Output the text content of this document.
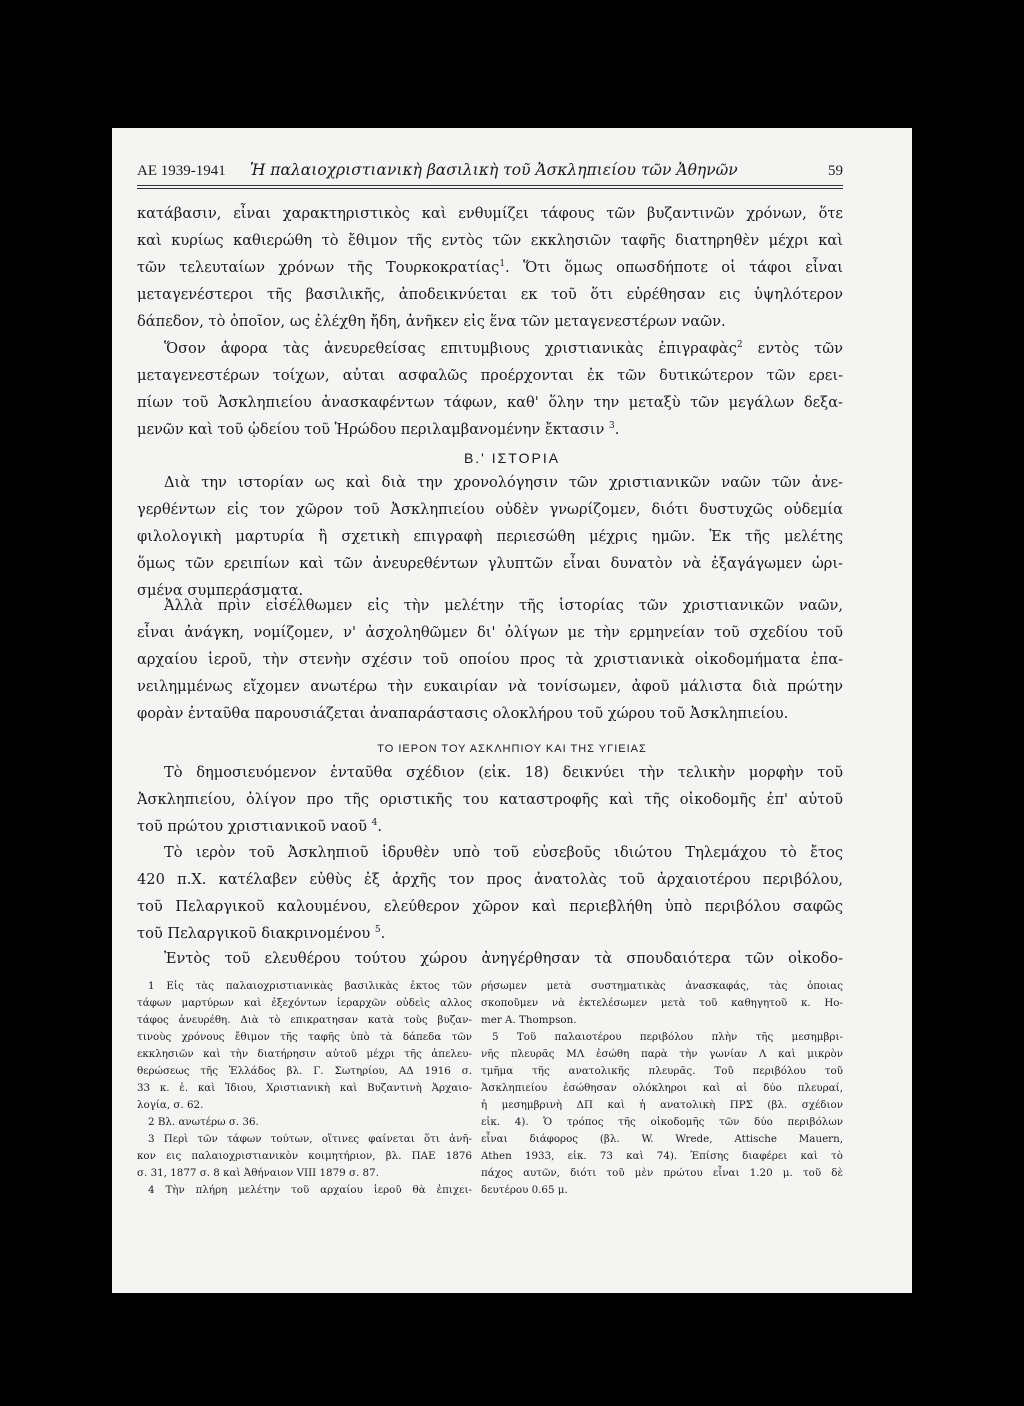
ΑΕ 1939-1941	Ἡ παλαιοχριστιανικὴ βασιλικὴ τοῦ Ἀσκληπιείου τῶν Ἀθηνῶν	59
κατάβασιν, εἶναι χαρακτηριστικὸς καὶ ενθυμίζει τάφους τῶν βυζαντινῶν χρόνων, ὅτε
καὶ κυρίως καθιερώθη τὸ ἔθιμον τῆς εντὸς τῶν εκκλησιῶν ταφῆς διατηρηθὲν μέχρι καὶ
τῶν τελευταίων χρόνων τῆς Τουρκοκρατίας$^1$. Ὅτι ὅμως οπωσδήποτε οἱ τάφοι εἶναι
μεταγενέστεροι τῆς βασιλικῆς, ἀποδεικνύεται εκ τοῦ ὅτι εὑρέθησαν εις ὑψηλότερον
δάπεδον, τὸ ὁποῖον, ως ἐλέχθη ἤδη, ἀνῆκεν εἰς ἕνα τῶν μεταγενεστέρων ναῶν.
Ὅσον ἀφορα τὰς ἀνευρεθείσας επιτυμβιους χριστιανικὰς ἐπιγραφὰς$^2$ εντὸς τῶν
μεταγενεστέρων τοίχων, αὐται ασφαλῶς προέρχονται ἐκ τῶν δυτικώτερον τῶν ερει-
πίων τοῦ Ἀσκληπιείου ἀνασκαφέντων τάφων, καθ' ὅλην την μεταξὺ τῶν μεγάλων δεξα-
μενῶν καὶ τοῦ ᾠδείου τοῦ Ἡρώδου περιλαμβανομένην ἔκτασιν $^3$.
B.' ΙΣΤΟΡΙΑ
Διὰ την ιστορίαν ως καὶ διὰ την χρονολόγησιν τῶν χριστιανικῶν ναῶν τῶν ἀνε-
γερθέντων εἰς τον χῶρον τοῦ Ἀσκληπιείου οὐδὲν γνωρίζομεν, διότι δυστυχῶς οὐδεμία
φιλολογικὴ μαρτυρία ἢ σχετικὴ επιγραφὴ περιεσώθη μέχρις ημῶν. Ἐκ τῆς μελέτης
ὅμως τῶν ερειπίων καὶ τῶν ἀνευρεθέντων γλυπτῶν εἶναι δυνατὸν νὰ ἐξαγάγωμεν ὡρι-
σμένα συμπεράσματα.
Ἀλλὰ πρὶν εἰσέλθωμεν εἰς τὴν μελέτην τῆς ἱστορίας τῶν χριστιανικῶν ναῶν,
εἶναι ἀνάγκη, νομίζομεν, ν' ἀσχοληθῶμεν δι' ὀλίγων με τὴν ερμηνείαν τοῦ σχεδίου τοῦ
αρχαίου ἱεροῦ, τὴν στενὴν σχέσιν τοῦ οποίου προς τὰ χριστιανικὰ οἰκοδομήματα ἐπα-
νειλημμένως εἴχομεν ανωτέρω τὴν ευκαιρίαν νὰ τονίσωμεν, ἀφοῦ μάλιστα διὰ πρώτην
φορὰν ἐνταῦθα παρουσιάζεται ἀναπαράστασις ολοκλήρου τοῦ χώρου τοῦ Ἀσκληπιείου.
ΤΟ ΙΕΡΟΝ ΤΟΥ ΑΣΚΛΗΠΙΟΥ ΚΑΙ ΤΗΣ ΥΓΙΕΙΑΣ
Τὸ δημοσιευόμενον ἐνταῦθα σχέδιον (εἰκ. 18) δεικνύει τὴν τελικὴν μορφὴν τοῦ
Ἀσκληπιείου, ὀλίγον προ τῆς οριστικῆς του καταστροφῆς καὶ τῆς οἰκοδομῆς ἐπ' αὐτοῦ
τοῦ πρώτου χριστιανικοῦ ναοῦ $^4$.
Τὸ ιερὸν τοῦ Ἀσκληπιοῦ ἱδρυθὲν υπὸ τοῦ εὐσεβοῦς ιδιώτου Τηλεμάχου τὸ ἔτος
420 π.Χ. κατέλαβεν εὐθὺς ἐξ ἀρχῆς τον προς ἀνατολὰς τοῦ ἀρχαιοτέρου περιβόλου,
τοῦ Πελαργικοῦ καλουμένου, ελεύθερον χῶρον καὶ περιεβλήθη ὑπὸ περιβόλου σαφῶς
τοῦ Πελαργικοῦ διακρινομένου $^5$.
Ἐντὸς τοῦ ελευθέρου τούτου χώρου ἀνηγέρθησαν τὰ σπουδαιότερα τῶν οἰκοδο-
1 Εἰς τὰς παλαιοχριστιανικὰς βασιλικὰς ἐκτος τῶν
τάφων μαρτύρων καὶ ἐξεχόντων ἱεραρχῶν οὐδεὶς αλλος
τάφος ἀνευρέθη. Διὰ τὸ επικρατησαν κατὰ τοὺς βυζαν-
τινοὺς χρόνους ἔθιμον τῆς ταφῆς ὑπὸ τὰ δάπεδα τῶν
εκκλησιῶν καὶ τὴν διατήρησιν αὐτοῦ μέχρι τῆς ἀπελευ-
θερώσεως τῆς Ἑλλάδος βλ. Γ. Σωτηρίου, ΑΔ 1916 σ.
33 κ. ἑ. καὶ Ἰδιου, Χριστιανικὴ καὶ Βυζαντινὴ Ἀρχαιο-
λογία, σ. 62.
2 Βλ. ανωτέρω σ. 36.
3 Περὶ τῶν τάφων τούτων, οἵτινες φαίνεται ὅτι ἀνῆ-
κον εις παλαιοχριστιανικὸν κοιμητήριον, βλ. ΠΑΕ 1876
σ. 31, 1877 σ. 8 καὶ Ἀθήναιον VIII 1879 σ. 87.
4 Τὴν πλήρη μελέτην τοῦ αρχαίου ἱεροῦ θὰ ἐπιχει-
ρήσωμεν μετὰ συστηματικὰς ἀνασκαφάς, τὰς ὁποιας
σκοποῦμεν νὰ ἐκτελέσωμεν μετὰ τοῦ καθηγητοῦ κ. Ho-
mer A. Thompson.
5 Τοῦ παλαιοτέρου περιβόλου πλὴν τῆς μεσημβρι-
νῆς πλευρᾶς ΜΛ ἐσώθη παρὰ τὴν γωνίαν Λ καὶ μικρὸν
τμῆμα τῆς ανατολικῆς πλευρᾶς. Τοῦ περιβόλου τοῦ
Ἀσκληπιείου ἐσώθησαν ολόκληροι καὶ αἱ δύο πλευραί,
ἡ μεσημβρινὴ ΔΠ καὶ ἡ ανατολικὴ ΠΡΣ (βλ. σχέδιον
εἰκ. 4). Ὁ τρόπος τῆς οἰκοδομῆς τῶν δύο περιβόλων
εἶναι διάφορος (βλ. W. Wrede, Attische Mauern,
Athen 1933, εἰκ. 73 καὶ 74). Ἐπίσης διαφέρει καὶ τὸ
πάχος αυτῶν, διότι τοῦ μὲν πρώτου εἶναι 1.20 μ. τοῦ δὲ
δευτέρου 0.65 μ.
